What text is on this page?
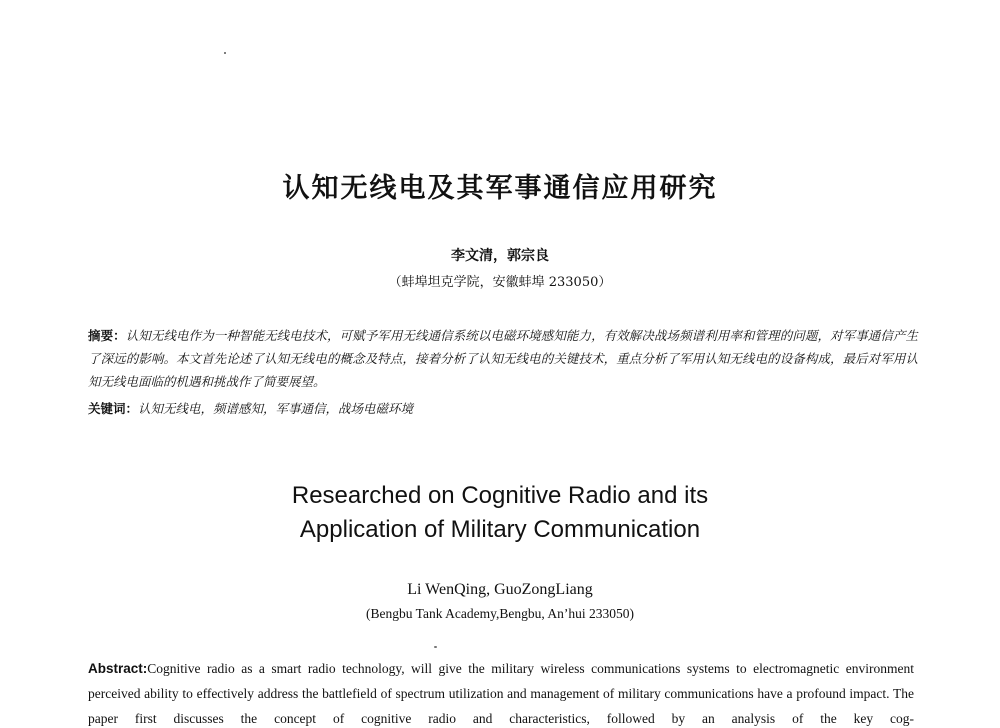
认知无线电及其军事通信应用研究
李文清，郭宗良
（蚌埠坦克学院，安徽蚌埠 233050）
摘要：认知无线电作为一种智能无线电技术，可赋予军用无线通信系统以电磁环境感知能力，有效解决战场频谱利用率和管理的问题，对军事通信产生了深远的影响。本文首先论述了认知无线电的概念及特点，接着分析了认知无线电的关键技术，重点分析了军用认知无线电的设备构成，最后对军用认知无线电面临的机遇和挑战作了简要展望。
关键词：认知无线电，频谱感知，军事通信，战场电磁环境
Researched on Cognitive Radio and its
Application of Military Communication
Li WenQing, GuoZongLiang
(Bengbu Tank Academy,Bengbu, An’hui 233050)
Abstract:Cognitive radio as a smart radio technology, will give the military wireless communications systems to electromagnetic environment perceived ability to effectively address the battlefield of spectrum utilization and management of military communications have a profound impact. The paper first discusses the concept of cognitive radio and characteristics, followed by an analysis of the key cog-
